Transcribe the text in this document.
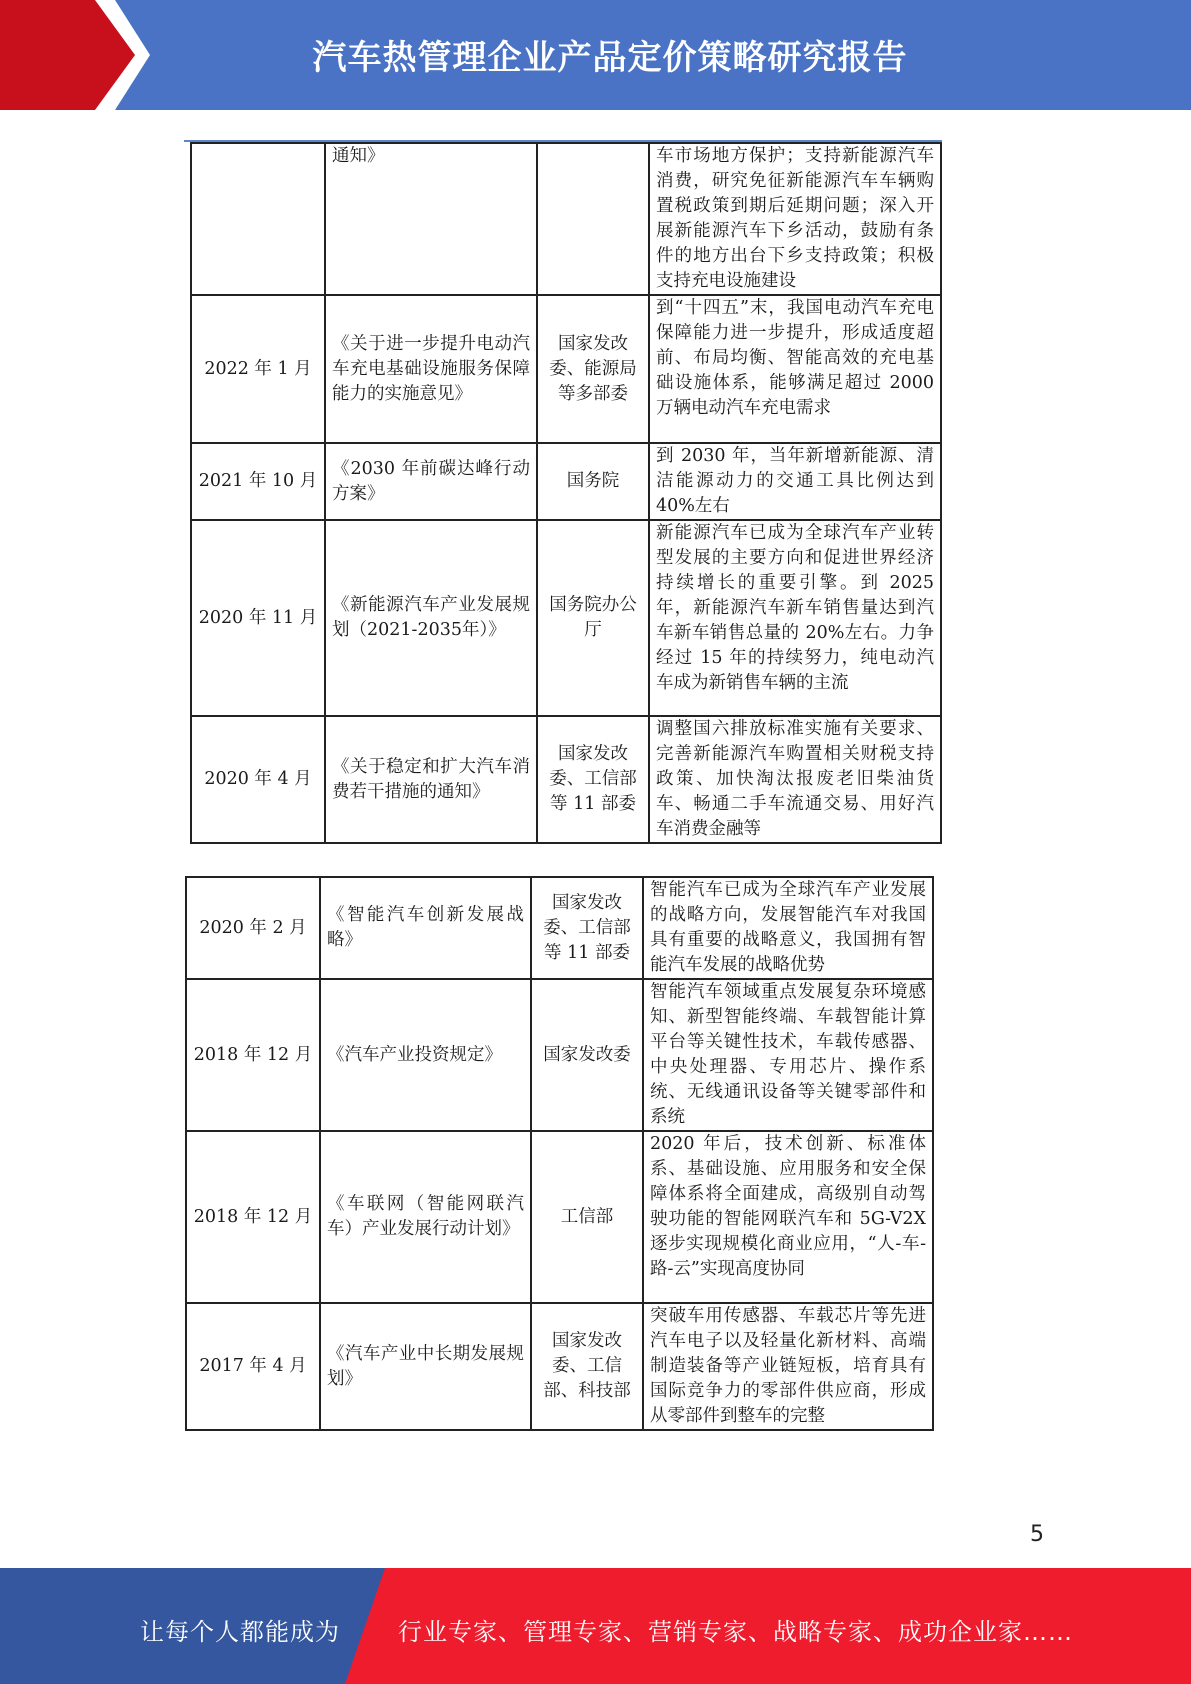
汽车热管理企业产品定价策略研究报告
	通知》		车市场地方保护；支持新能源汽车消费，研究免征新能源汽车车辆购置税政策到期后延期问题；深入开展新能源汽车下乡活动，鼓励有条件的地方出台下乡支持政策；积极支持充电设施建设
2022 年 1 月	《关于进一步提升电动汽车充电基础设施服务保障能力的实施意见》	国家发改委、能源局等多部委	到“十四五”末，我国电动汽车充电保障能力进一步提升，形成适度超前、布局均衡、智能高效的充电基础设施体系，能够满足超过 2000 万辆电动汽车充电需求
2021 年 10 月	《2030 年前碳达峰行动方案》	国务院	到 2030 年，当年新增新能源、清洁能源动力的交通工具比例达到 40%左右
2020 年 11 月	《新能源汽车产业发展规划（2021-2035年）》	国务院办公厅	新能源汽车已成为全球汽车产业转型发展的主要方向和促进世界经济持续增长的重要引擎。到 2025 年，新能源汽车新车销售量达到汽车新车销售总量的 20%左右。力争经过 15 年的持续努力，纯电动汽车成为新销售车辆的主流
2020 年 4 月	《关于稳定和扩大汽车消费若干措施的通知》	国家发改委、工信部等 11 部委	调整国六排放标准实施有关要求、完善新能源汽车购置相关财税支持政策、加快淘汰报废老旧柴油货车、畅通二手车流通交易、用好汽车消费金融等
2020 年 2 月	《智能汽车创新发展战略》	国家发改委、工信部等 11 部委	智能汽车已成为全球汽车产业发展的战略方向，发展智能汽车对我国具有重要的战略意义，我国拥有智能汽车发展的战略优势
2018 年 12 月	《汽车产业投资规定》	国家发改委	智能汽车领域重点发展复杂环境感知、新型智能终端、车载智能计算平台等关键性技术，车载传感器、中央处理器、专用芯片、操作系统、无线通讯设备等关键零部件和系统
2018 年 12 月	《车联网（智能网联汽车）产业发展行动计划》	工信部	2020 年后，技术创新、标准体系、基础设施、应用服务和安全保障体系将全面建成，高级别自动驾驶功能的智能网联汽车和 5G-V2X 逐步实现规模化商业应用，“人-车-路-云”实现高度协同
2017 年 4 月	《汽车产业中长期发展规划》	国家发改委、工信部、科技部	突破车用传感器、车载芯片等先进汽车电子以及轻量化新材料、高端制造装备等产业链短板，培育具有国际竞争力的零部件供应商，形成从零部件到整车的完整
5
让每个人都能成为 行业专家、管理专家、营销专家、战略专家、成功企业家……
